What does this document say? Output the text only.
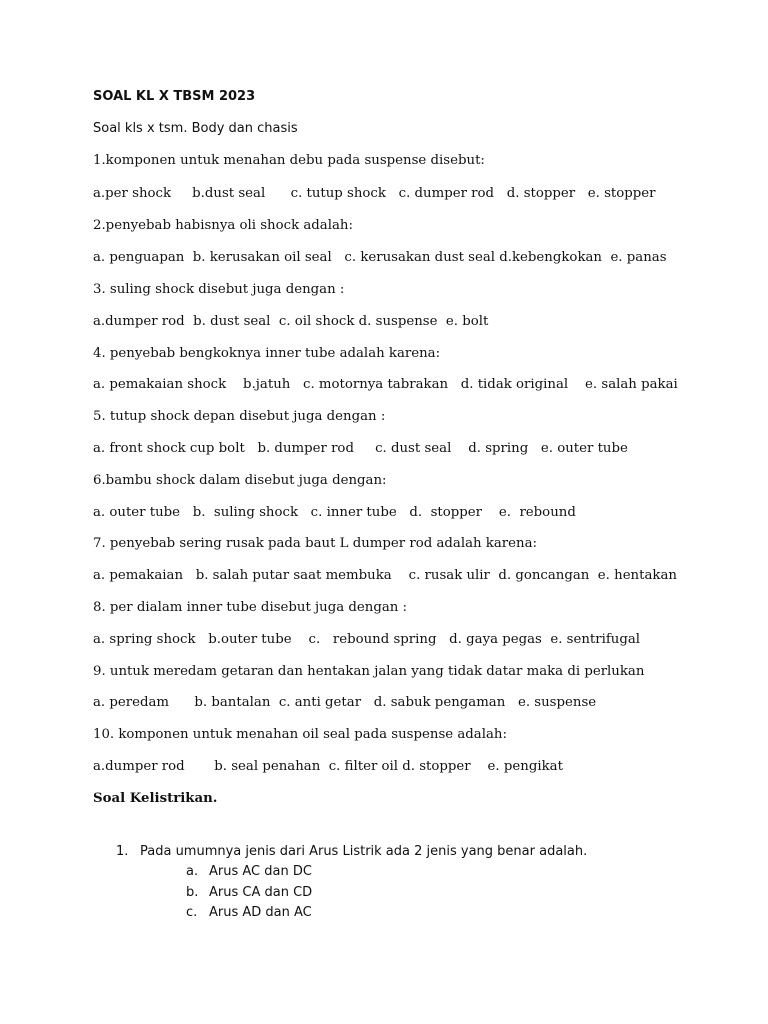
SOAL KL X TBSM 2023
Soal kls x tsm. Body dan chasis
1.komponen untuk menahan debu pada suspense disebut:
a.per shock     b.dust seal      c. tutup shock   c. dumper rod   d. stopper   e. stopper
2.penyebab habisnya oli shock adalah:
a. penguapan  b. kerusakan oil seal   c. kerusakan dust seal d.kebengkokan  e. panas
3. suling shock disebut juga dengan :
a.dumper rod  b. dust seal  c. oil shock d. suspense  e. bolt
4. penyebab bengkoknya inner tube adalah karena:
a. pemakaian shock    b.jatuh   c. motornya tabrakan   d. tidak original    e. salah pakai
5. tutup shock depan disebut juga dengan :
a. front shock cup bolt   b. dumper rod     c. dust seal    d. spring   e. outer tube
6.bambu shock dalam disebut juga dengan:
a. outer tube   b.  suling shock   c. inner tube   d.  stopper    e.  rebound
7. penyebab sering rusak pada baut L dumper rod adalah karena:
a. pemakaian   b. salah putar saat membuka    c. rusak ulir  d. goncangan  e. hentakan
8. per dialam inner tube disebut juga dengan :
a. spring shock   b.outer tube    c.   rebound spring   d. gaya pegas  e. sentrifugal
9. untuk meredam getaran dan hentakan jalan yang tidak datar maka di perlukan
a. peredam      b. bantalan  c. anti getar   d. sabuk pengaman   e. suspense
10. komponen untuk menahan oil seal pada suspense adalah:
a.dumper rod       b. seal penahan  c. filter oil d. stopper    e. pengikat
Soal Kelistrikan.
1. Pada umumnya jenis dari Arus Listrik ada 2 jenis yang benar adalah.
a. Arus AC dan DC
b. Arus CA dan CD
c. Arus AD dan AC
